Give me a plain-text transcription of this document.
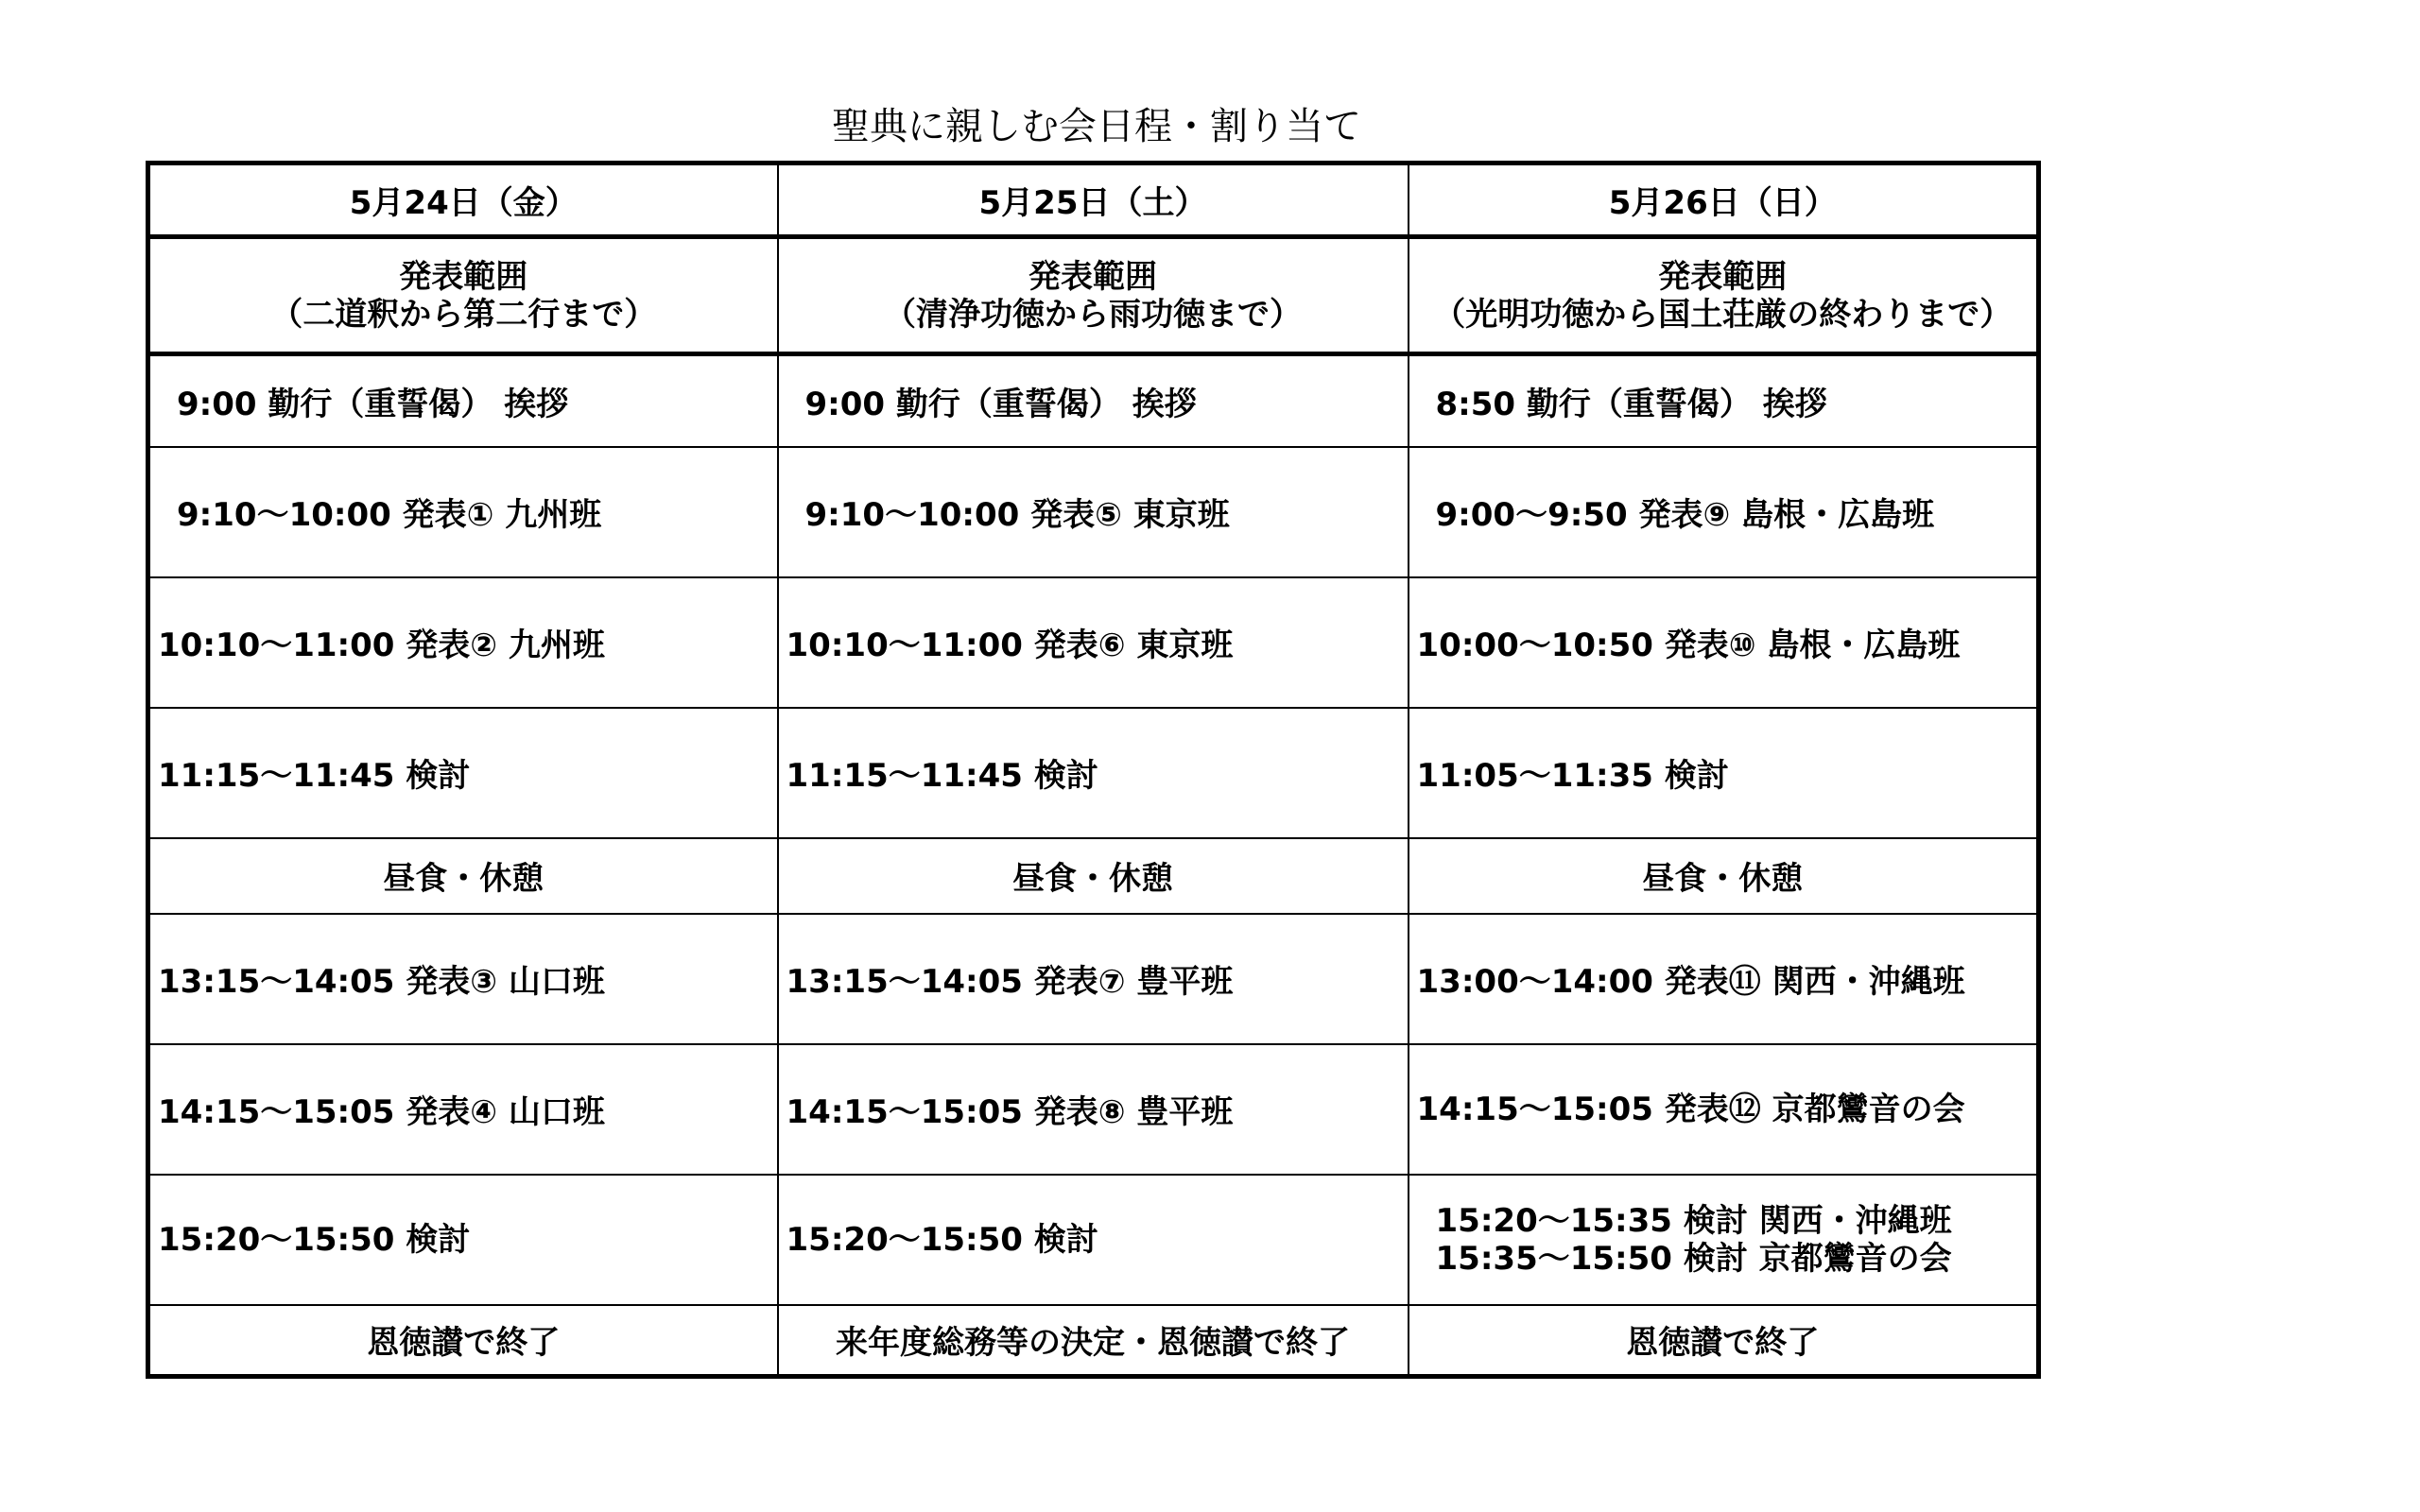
聖典に親しむ会日程・割り当て
5月24日（金）	5月25日（土）	5月26日（日）

発表範囲
（二道釈から第二行まで）	発表範囲
（清浄功徳から雨功徳まで）	発表範囲
（光明功徳から国土荘厳の終わりまで）

9:00 勤行（重誓偈） 挨拶	9:00 勤行（重誓偈） 挨拶	8:50 勤行（重誓偈） 挨拶
9:10〜10:00 発表① 九州班	9:10〜10:00 発表⑤ 東京班	9:00〜9:50 発表⑨ 島根・広島班
10:10〜11:00 発表② 九州班	10:10〜11:00 発表⑥ 東京班	10:00〜10:50 発表⑩ 島根・広島班
11:15〜11:45 検討	11:15〜11:45 検討	11:05〜11:35 検討
昼食・休憩	昼食・休憩	昼食・休憩
13:15〜14:05 発表③ 山口班	13:15〜14:05 発表⑦ 豊平班	13:00〜14:00 発表⑪ 関西・沖縄班
14:15〜15:05 発表④ 山口班	14:15〜15:05 発表⑧ 豊平班	14:15〜15:05 発表⑫ 京都鸞音の会

15:20〜15:50 検討	15:20〜15:50 検討	15:20〜15:35 検討 関西・沖縄班
15:35〜15:50 検討 京都鸞音の会

恩徳讃で終了	来年度総務等の決定・恩徳讃で終了	恩徳讃で終了
